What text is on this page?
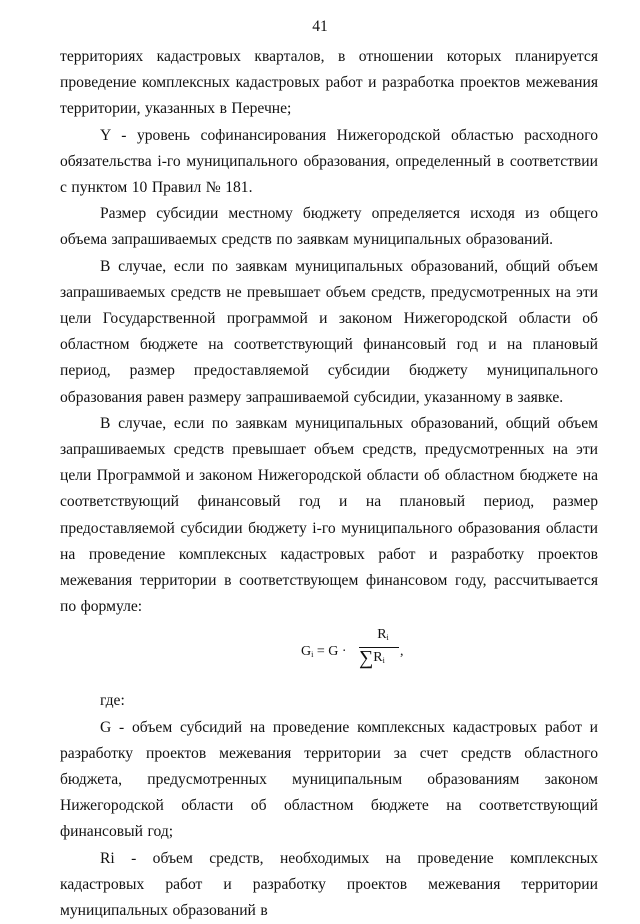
41

территориях кадастровых кварталов, в отношении которых планируется проведение комплексных кадастровых работ и разработка проектов межевания территории, указанных в Перечне;

Y - уровень софинансирования Нижегородской областью расходного обязательства i-го муниципального образования, определенный в соответствии с пунктом 10 Правил № 181.

Размер субсидии местному бюджету определяется исходя из общего объема запрашиваемых средств по заявкам муниципальных образований.

В случае, если по заявкам муниципальных образований, общий объем запрашиваемых средств не превышает объем средств, предусмотренных на эти цели Государственной программой и законом Нижегородской области об областном бюджете на соответствующий финансовый год и на плановый период, размер предоставляемой субсидии бюджету муниципального образования равен размеру запрашиваемой субсидии, указанному в заявке.

В случае, если по заявкам муниципальных образований, общий объем запрашиваемых средств превышает объем средств, предусмотренных на эти цели Программой и законом Нижегородской области об областном бюджете на соответствующий финансовый год и на плановый период, размер предоставляемой субсидии бюджету i-го муниципального образования области на проведение комплексных кадастровых работ и разработку проектов межевания территории в соответствующем финансовом году, рассчитывается по формуле:

$G_i = G$ ·
$R_i$
$\sum R_i$
,

где:

G - объем субсидий на проведение комплексных кадастровых работ и разработку проектов межевания территории за счет средств областного бюджета, предусмотренных муниципальным образованиям законом Нижегородской области об областном бюджете на соответствующий финансовый год;

Ri - объем средств, необходимых на проведение комплексных кадастровых работ и разработку проектов межевания территории муниципальных образований в
